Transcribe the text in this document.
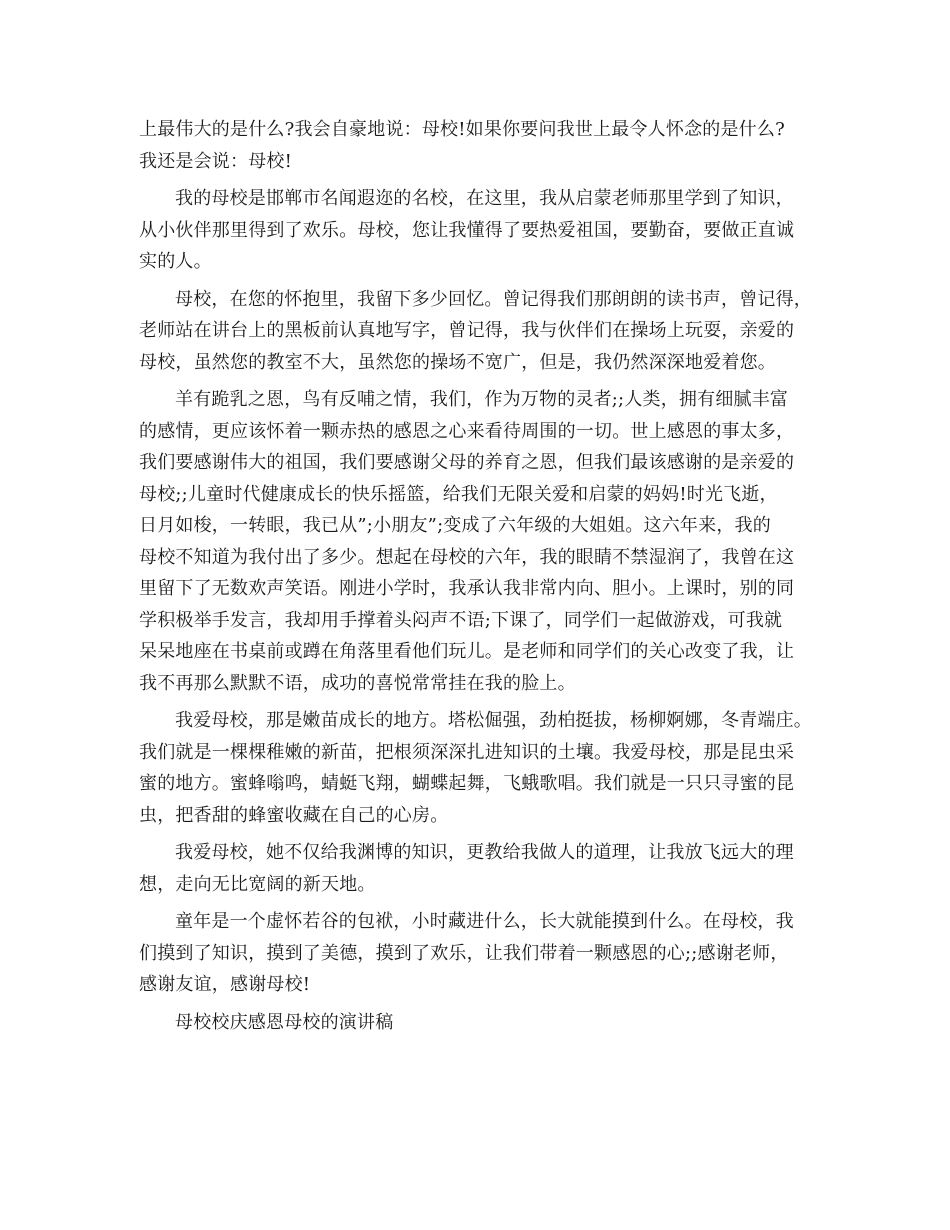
上最伟大的是什么?我会自豪地说：母校!如果你要问我世上最令人怀念的是什么?
我还是会说：母校!
我的母校是邯郸市名闻遐迩的名校，在这里，我从启蒙老师那里学到了知识，
从小伙伴那里得到了欢乐。母校，您让我懂得了要热爱祖国，要勤奋，要做正直诚
实的人。
母校，在您的怀抱里，我留下多少回忆。曾记得我们那朗朗的读书声，曾记得，
老师站在讲台上的黑板前认真地写字，曾记得，我与伙伴们在操场上玩耍，亲爱的
母校，虽然您的教室不大，虽然您的操场不宽广，但是，我仍然深深地爱着您。
羊有跪乳之恩，鸟有反哺之情，我们，作为万物的灵者;;人类，拥有细腻丰富
的感情，更应该怀着一颗赤热的感恩之心来看待周围的一切。世上感恩的事太多，
我们要感谢伟大的祖国，我们要感谢父母的养育之恩，但我们最该感谢的是亲爱的
母校;;儿童时代健康成长的快乐摇篮，给我们无限关爱和启蒙的妈妈!时光飞逝，
日月如梭，一转眼，我已从”;小朋友”;变成了六年级的大姐姐。这六年来，我的
母校不知道为我付出了多少。想起在母校的六年，我的眼睛不禁湿润了，我曾在这
里留下了无数欢声笑语。刚进小学时，我承认我非常内向、胆小。上课时，别的同
学积极举手发言，我却用手撑着头闷声不语;下课了，同学们一起做游戏，可我就
呆呆地座在书桌前或蹲在角落里看他们玩儿。是老师和同学们的关心改变了我，让
我不再那么默默不语，成功的喜悦常常挂在我的脸上。
我爱母校，那是嫩苗成长的地方。塔松倔强，劲柏挺拔，杨柳婀娜，冬青端庄。
我们就是一棵棵稚嫩的新苗，把根须深深扎进知识的土壤。我爱母校，那是昆虫采
蜜的地方。蜜蜂嗡鸣，蜻蜓飞翔，蝴蝶起舞，飞蛾歌唱。我们就是一只只寻蜜的昆
虫，把香甜的蜂蜜收藏在自己的心房。
我爱母校，她不仅给我渊博的知识，更教给我做人的道理，让我放飞远大的理
想，走向无比宽阔的新天地。
童年是一个虚怀若谷的包袱，小时藏进什么，长大就能摸到什么。在母校，我
们摸到了知识，摸到了美德，摸到了欢乐，让我们带着一颗感恩的心;;感谢老师，
感谢友谊，感谢母校!
母校校庆感恩母校的演讲稿
